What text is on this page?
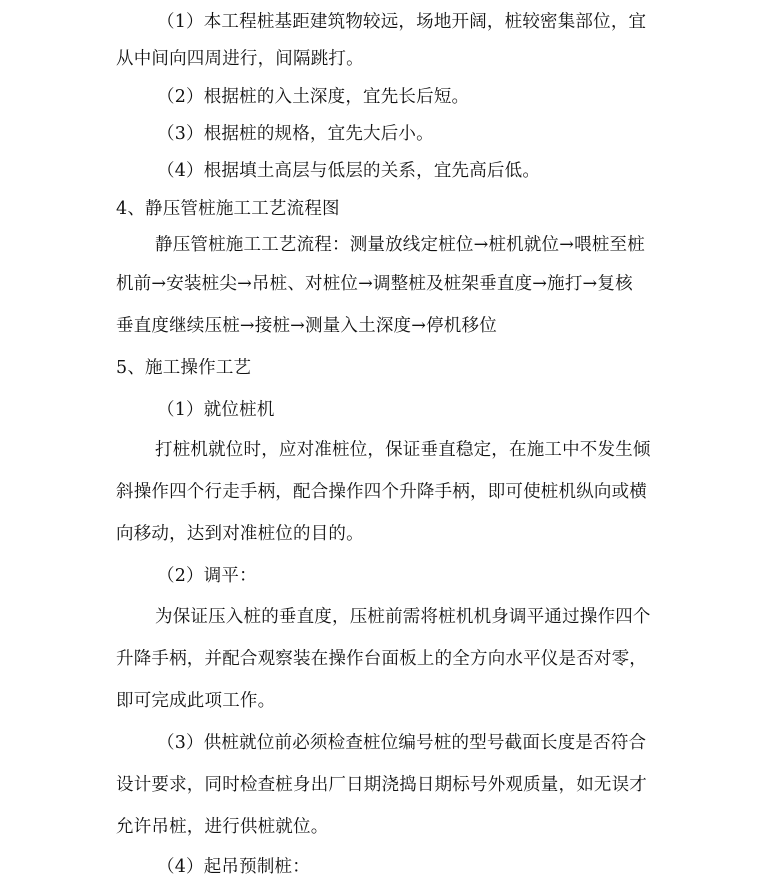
（1）本工程桩基距建筑物较远，场地开阔，桩较密集部位，宜
从中间向四周进行，间隔跳打。
（2）根据桩的入土深度，宜先长后短。
（3）根据桩的规格，宜先大后小。
（4）根据填土高层与低层的关系，宜先高后低。
4、静压管桩施工工艺流程图
静压管桩施工工艺流程：测量放线定桩位→桩机就位→喂桩至桩
机前→安装桩尖→吊桩、对桩位→调整桩及桩架垂直度→施打→复核
垂直度继续压桩→接桩→测量入土深度→停机移位
5、施工操作工艺
（1）就位桩机
打桩机就位时，应对准桩位，保证垂直稳定，在施工中不发生倾
斜操作四个行走手柄，配合操作四个升降手柄，即可使桩机纵向或横
向移动，达到对准桩位的目的。
（2）调平：
为保证压入桩的垂直度，压桩前需将桩机机身调平通过操作四个
升降手柄，并配合观察装在操作台面板上的全方向水平仪是否对零，
即可完成此项工作。
（3）供桩就位前必须检查桩位编号桩的型号截面长度是否符合
设计要求，同时检查桩身出厂日期浇捣日期标号外观质量，如无误才
允许吊桩，进行供桩就位。
（4）起吊预制桩：
